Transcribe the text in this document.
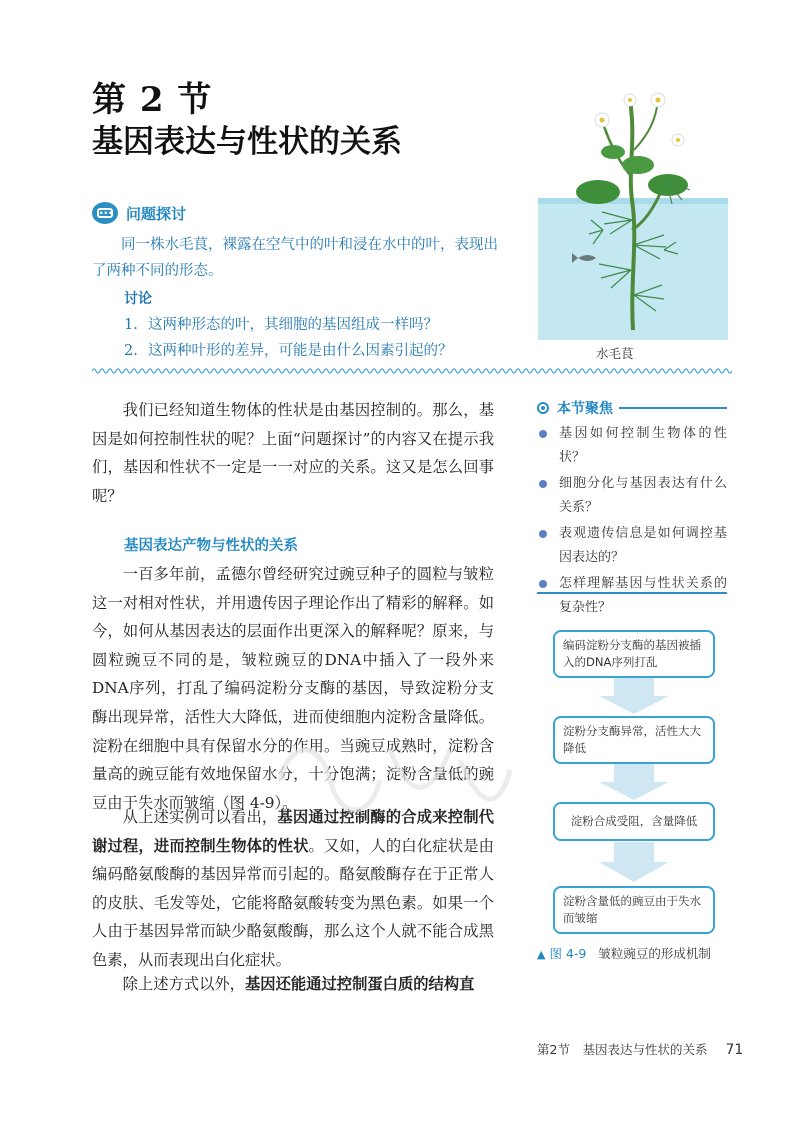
第 2 节
基因表达与性状的关系
...
问题探讨
同一株水毛茛，裸露在空气中的叶和浸在水中的叶，表现出了两种不同的形态。
讨论
1. 这两种形态的叶，其细胞的基因组成一样吗？
2. 这两种叶形的差异，可能是由什么因素引起的？	水毛茛
我们已经知道生物体的性状是由基因控制的。那么，基因是如何控制性状的呢？上面“问题探讨”的内容又在提示我们，基因和性状不一定是一一对应的关系。这又是怎么回事呢？
基因表达产物与性状的关系
一百多年前，孟德尔曾经研究过豌豆种子的圆粒与皱粒这一对相对性状，并用遗传因子理论作出了精彩的解释。如今，如何从基因表达的层面作出更深入的解释呢？原来，与圆粒豌豆不同的是，皱粒豌豆的DNA中插入了一段外来DNA序列，打乱了编码淀粉分支酶的基因，导致淀粉分支酶出现异常，活性大大降低，进而使细胞内淀粉含量降低。淀粉在细胞中具有保留水分的作用。当豌豆成熟时，淀粉含量高的豌豆能有效地保留水分，十分饱满；淀粉含量低的豌豆由于失水而皱缩（图 4-9）。
从上述实例可以看出，基因通过控制酶的合成来控制代谢过程，进而控制生物体的性状。又如，人的白化症状是由编码酪氨酸酶的基因异常而引起的。酪氨酸酶存在于正常人的皮肤、毛发等处，它能将酪氨酸转变为黑色素。如果一个人由于基因异常而缺少酪氨酸酶，那么这个人就不能合成黑色素，从而表现出白化症状。
除上述方式以外，基因还能通过控制蛋白质的结构直
本节聚焦
基因如何控制生物体的性状？
细胞分化与基因表达有什么关系？
表观遗传信息是如何调控基因表达的？
怎样理解基因与性状关系的复杂性？
编码淀粉分支酶的基因被插入的DNA序列打乱
淀粉分支酶异常，活性大大降低
淀粉合成受阻，含量降低
淀粉含量低的豌豆由于失水而皱缩
▲ 图 4-9 皱粒豌豆的形成机制
第2节　基因表达与性状的关系 71
